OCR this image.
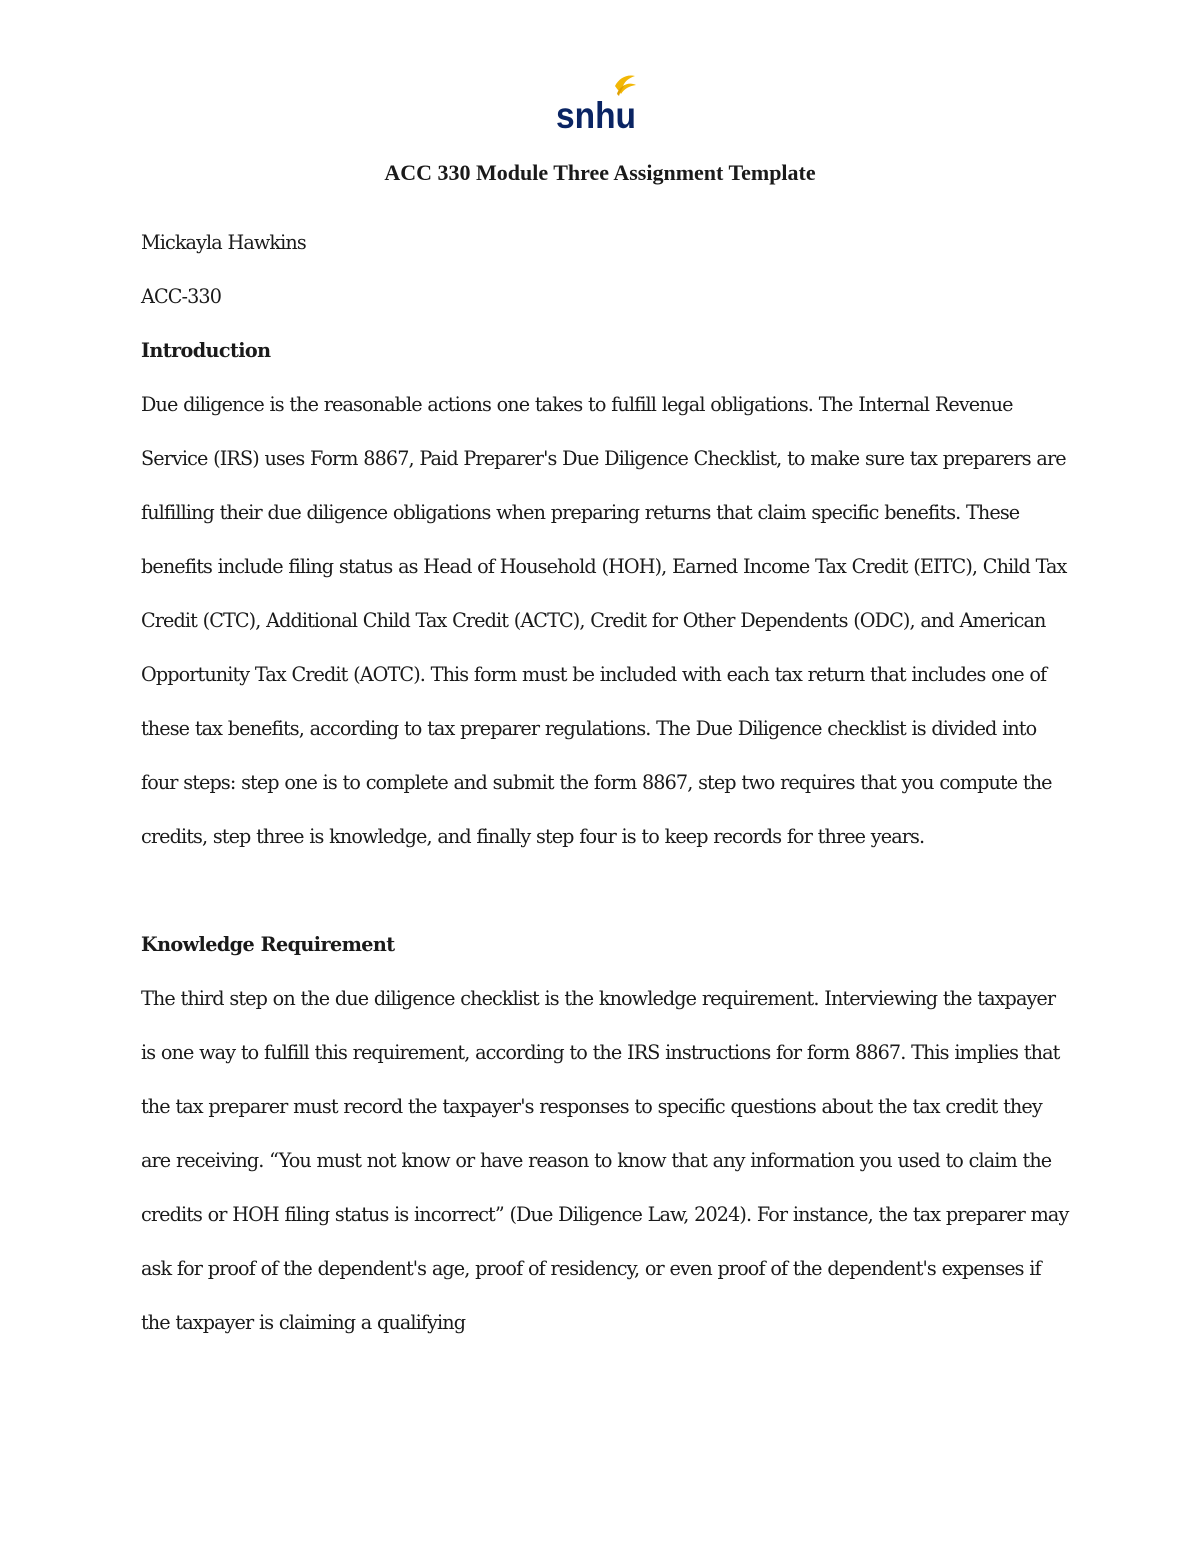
snhu
ACC 330 Module Three Assignment Template

Mickayla Hawkins

ACC-330

Introduction

Due diligence is the reasonable actions one takes to fulfill legal obligations. The Internal Revenue Service (IRS) uses Form 8867, Paid Preparer's Due Diligence Checklist, to make sure tax preparers are fulfilling their due diligence obligations when preparing returns that claim specific benefits. These benefits include filing status as Head of Household (HOH), Earned Income Tax Credit (EITC), Child Tax Credit (CTC), Additional Child Tax Credit (ACTC), Credit for Other Dependents (ODC), and American Opportunity Tax Credit (AOTC). This form must be included with each tax return that includes one of these tax benefits, according to tax preparer regulations. The Due Diligence checklist is divided into four steps: step one is to complete and submit the form 8867, step two requires that you compute the credits, step three is knowledge, and finally step four is to keep records for three years.

Knowledge Requirement

The third step on the due diligence checklist is the knowledge requirement. Interviewing the taxpayer is one way to fulfill this requirement, according to the IRS instructions for form 8867. This implies that the tax preparer must record the taxpayer's responses to specific questions about the tax credit they are receiving. “You must not know or have reason to know that any information you used to claim the credits or HOH filing status is incorrect” (Due Diligence Law, 2024). For instance, the tax preparer may ask for proof of the dependent's age, proof of residency, or even proof of the dependent's expenses if the taxpayer is claiming a qualifying
